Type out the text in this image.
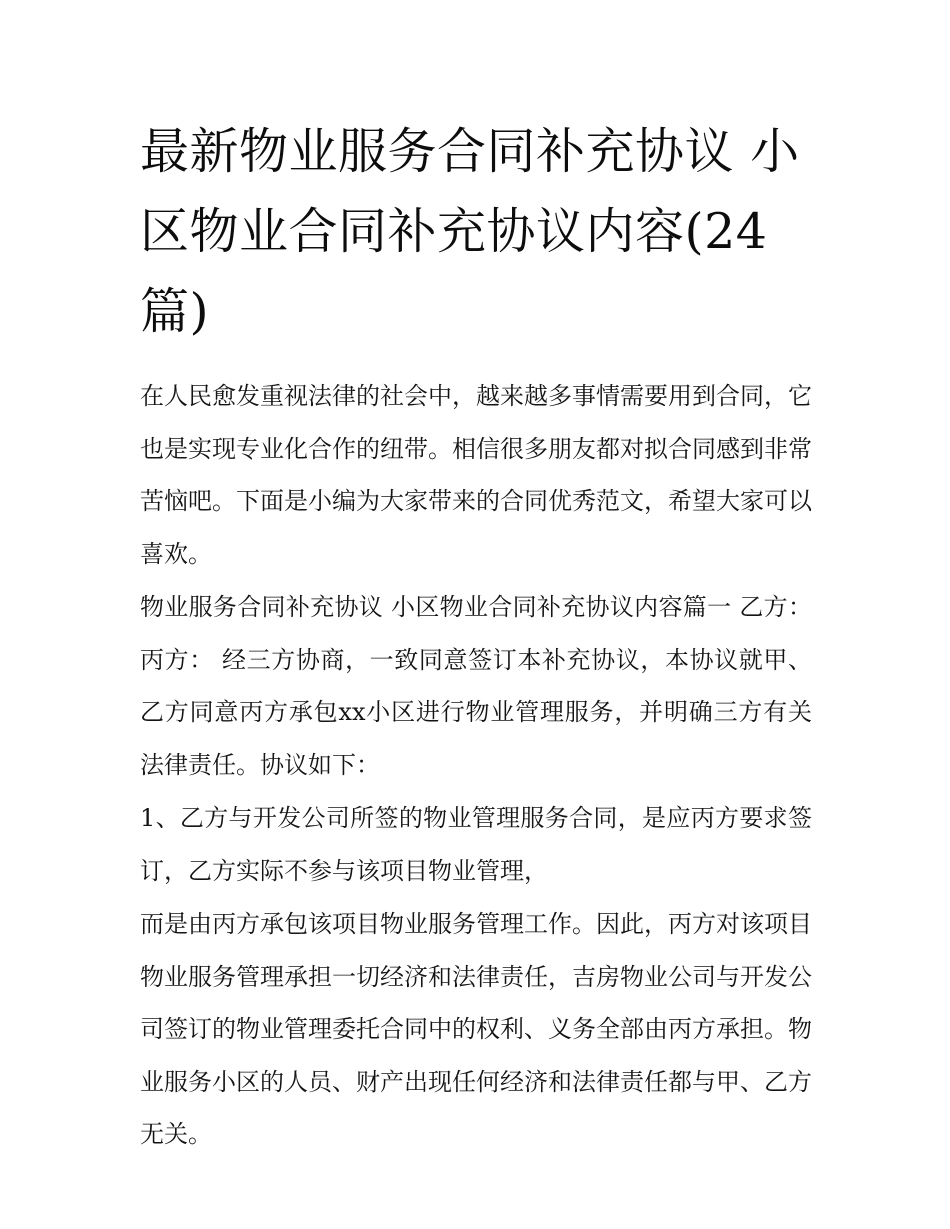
最新物业服务合同补充协议 小区物业合同补充协议内容(24篇)

在人民愈发重视法律的社会中，越来越多事情需要用到合同，它也是实现专业化合作的纽带。相信很多朋友都对拟合同感到非常苦恼吧。下面是小编为大家带来的合同优秀范文，希望大家可以喜欢。

物业服务合同补充协议 小区物业合同补充协议内容篇一 乙方： 丙方： 经三方协商，一致同意签订本补充协议，本协议就甲、乙方同意丙方承包xx小区进行物业管理服务，并明确三方有关法律责任。协议如下：

1、乙方与开发公司所签的物业管理服务合同，是应丙方要求签订，乙方实际不参与该项目物业管理，

而是由丙方承包该项目物业服务管理工作。因此，丙方对该项目物业服务管理承担一切经济和法律责任，吉房物业公司与开发公司签订的物业管理委托合同中的权利、义务全部由丙方承担。物业服务小区的人员、财产出现任何经济和法律责任都与甲、乙方无关。
